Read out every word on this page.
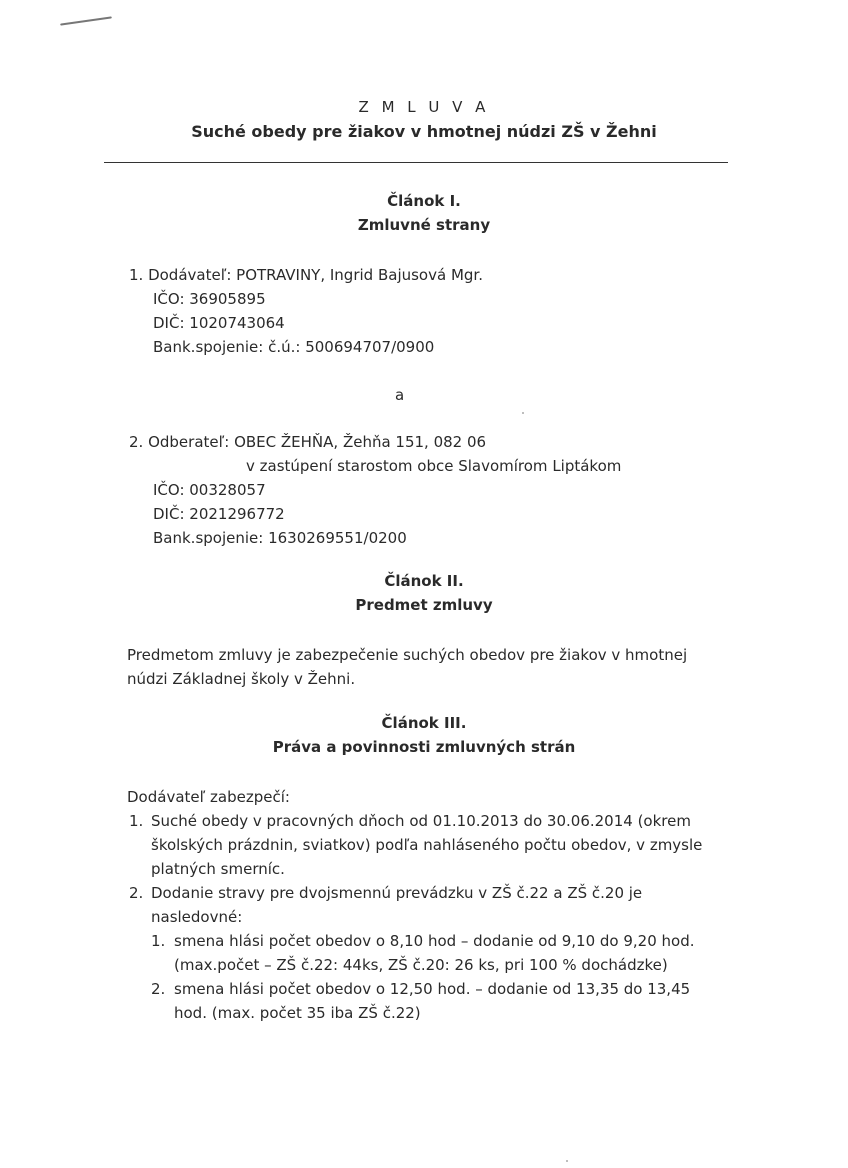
Z M L U V A
Suché obedy pre žiakov v hmotnej núdzi ZŠ v Žehni
Článok I.
Zmluvné strany
1. Dodávateľ: POTRAVINY, Ingrid Bajusová Mgr.
IČO: 36905895
DIČ: 1020743064
Bank.spojenie: č.ú.: 500694707/0900
a
2. Odberateľ: OBEC ŽEHŇA, Žehňa 151, 082 06
v zastúpení starostom obce Slavomírom Liptákom
IČO: 00328057
DIČ: 2021296772
Bank.spojenie: 1630269551/0200
Článok II.
Predmet zmluvy
Predmetom zmluvy je zabezpečenie suchých obedov pre žiakov v hmotnej
núdzi Základnej školy v Žehni.
Článok III.
Práva a povinnosti zmluvných strán
Dodávateľ zabezpečí:
1. Suché obedy v pracovných dňoch od 01.10.2013 do 30.06.2014 (okrem
školských prázdnin, sviatkov) podľa nahláseného počtu obedov, v zmysle
platných smerníc.
2. Dodanie stravy pre dvojsmennú prevádzku v ZŠ č.22 a ZŠ č.20 je
nasledovné:
1. smena hlási počet obedov o 8,10 hod – dodanie od 9,10 do 9,20 hod.
(max.počet – ZŠ č.22: 44ks, ZŠ č.20: 26 ks, pri 100 % dochádzke)
2. smena hlási počet obedov o 12,50 hod. – dodanie od 13,35 do 13,45
hod. (max. počet 35 iba ZŠ č.22)
